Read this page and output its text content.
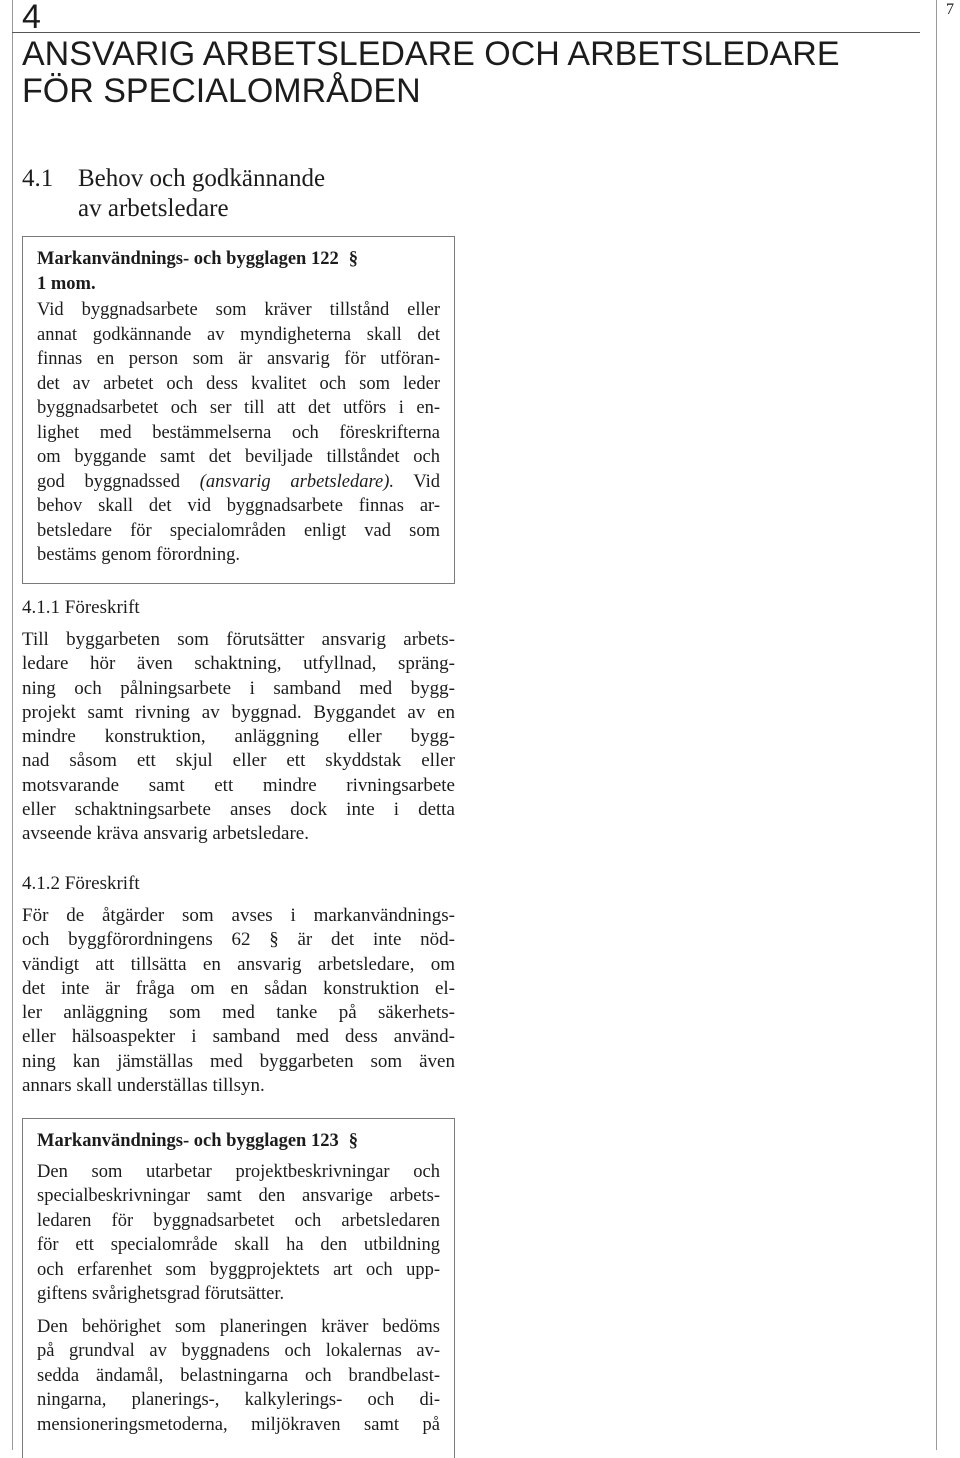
4	7
ANSVARIG ARBETSLEDARE OCH ARBETSLEDARE FÖR SPECIALOMRÅDEN
4.1 Behov och godkännande
av arbetsledare
Markanvändnings- och bygglagen 122 §
1 mom.

Vid byggnadsarbete som kräver tillstånd eller
annat godkännande av myndigheterna skall det
finnas en person som är ansvarig för utföran-
det av arbetet och dess kvalitet och som leder
byggnadsarbetet och ser till att det utförs i en-
lighet med bestämmelserna och föreskrifterna
om byggande samt det beviljade tillståndet och
god byggnadssed (ansvarig arbetsledare). Vid
behov skall det vid byggnadsarbete finnas ar-
betsledare för specialområden enligt vad som
bestäms genom förordning.

4.1.1 Föreskrift

Till byggarbeten som förutsätter ansvarig arbets-
ledare hör även schaktning, utfyllnad, spräng-
ning och pålningsarbete i samband med bygg-
projekt samt rivning av byggnad. Byggandet av en
mindre konstruktion, anläggning eller bygg-
nad såsom ett skjul eller ett skyddstak eller
motsvarande samt ett mindre rivningsarbete
eller schaktningsarbete anses dock inte i detta
avseende kräva ansvarig arbetsledare.

4.1.2 Föreskrift

För de åtgärder som avses i markanvändnings-
och byggförordningens 62 § är det inte nöd-
vändigt att tillsätta en ansvarig arbetsledare, om
det inte är fråga om en sådan konstruktion el-
ler anläggning som med tanke på säkerhets-
eller hälsoaspekter i samband med dess använd-
ning kan jämställas med byggarbeten som även
annars skall underställas tillsyn.

Markanvändnings- och bygglagen 123 §

Den som utarbetar projektbeskrivningar och
specialbeskrivningar samt den ansvarige arbets-
ledaren för byggnadsarbetet och arbetsledaren
för ett specialområde skall ha den utbildning
och erfarenhet som byggprojektets art och upp-
giftens svårighetsgrad förutsätter.

Den behörighet som planeringen kräver bedöms
på grundval av byggnadens och lokalernas av-
sedda ändamål, belastningarna och brandbelast-
ningarna, planerings-, kalkylerings- och di-
mensioneringsmetoderna, miljökraven samt på
